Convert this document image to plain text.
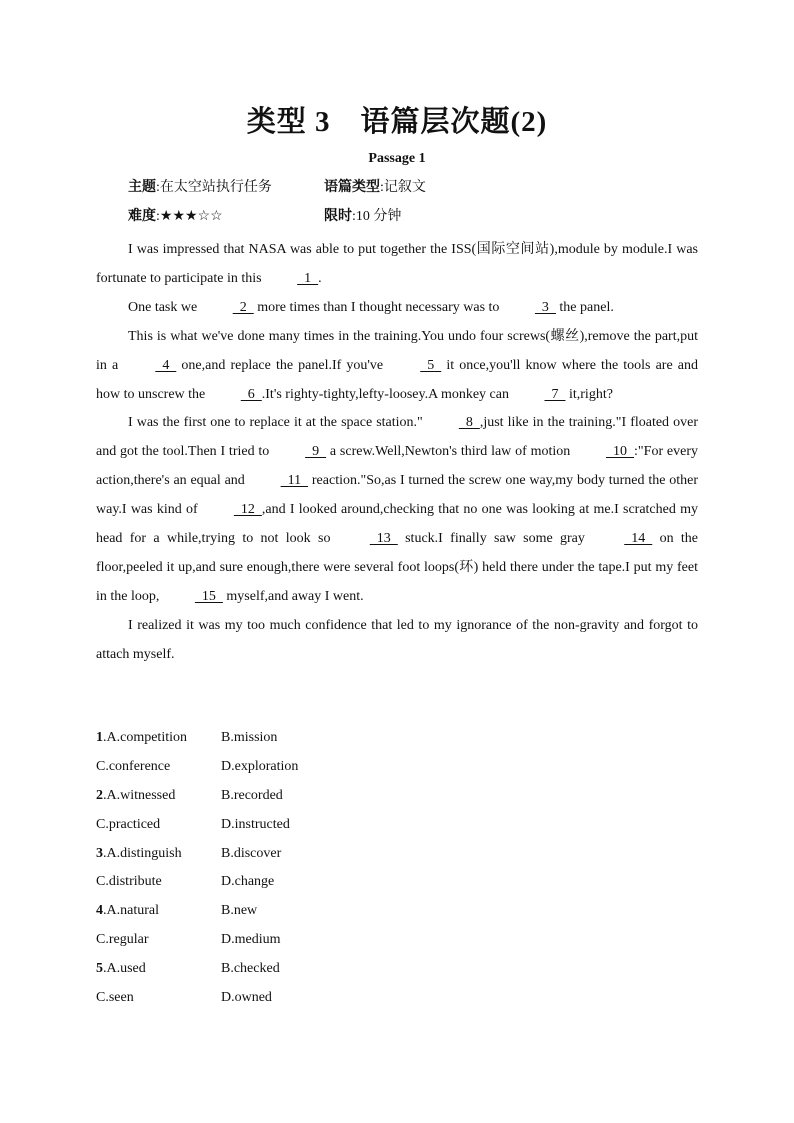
类型 3　语篇层次题(2)
Passage 1
主题:在太空站执行任务	语篇类型:记叙文
难度:★★★☆☆	限时:10 分钟

I was impressed that NASA was able to put together the ISS(国际空间站),module by module.I was fortunate to participate in this   1  .

One task we   2   more times than I thought necessary was to   3   the panel.

This is what we've done many times in the training.You undo four screws(螺丝),remove the part,put in a   4   one,and replace the panel.If you've   5   it once,you'll know where the tools are and how to unscrew the   6  .It's righty-tighty,lefty-loosey.A monkey can   7   it,right?

I was the first one to replace it at the space station."   8  ,just like in the training."I floated over and got the tool.Then I tried to   9   a screw.Well,Newton's third law of motion   10  :"For every action,there's an equal and   11   reaction."So,as I turned the screw one way,my body turned the other way.I was kind of   12  ,and I looked around,checking that no one was looking at me.I scratched my head for a while,trying to not look so   13   stuck.I finally saw some gray   14   on the floor,peeled it up,and sure enough,there were several foot loops(环) held there under the tape.I put my feet in the loop,   15   myself,and away I went.

I realized it was my too much confidence that led to my ignorance of the non-gravity and forgot to attach myself.

1.A.competition B.mission
C.conference	D.exploration
2.A.witnessed	B.recorded
C.practiced	D.instructed
3.A.distinguish	B.discover
C.distribute	D.change
4.A.natural	B.new
C.regular	D.medium
5.A.used	B.checked
C.seen	D.owned
